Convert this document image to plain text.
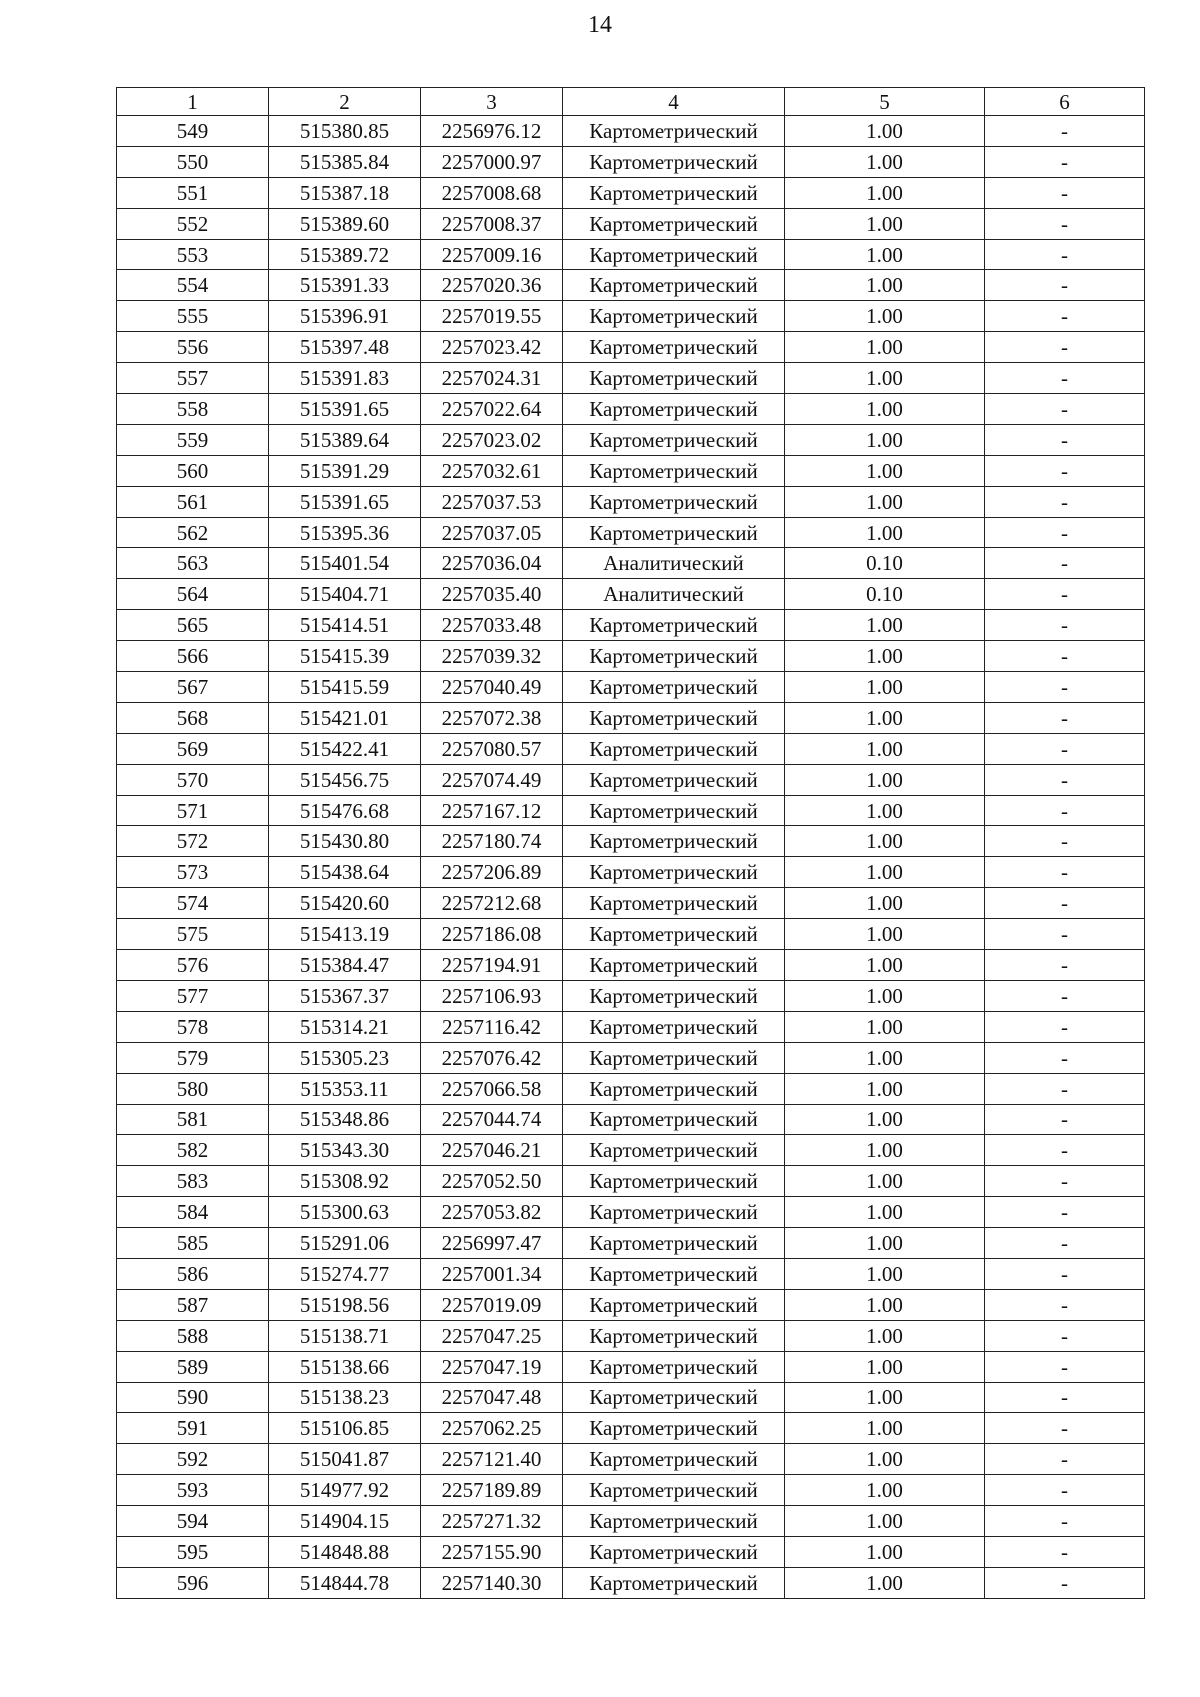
14
1	2	3	4	5	6
549	515380.85	2256976.12	Картометрический	1.00	-
550	515385.84	2257000.97	Картометрический	1.00	-
551	515387.18	2257008.68	Картометрический	1.00	-
552	515389.60	2257008.37	Картометрический	1.00	-
553	515389.72	2257009.16	Картометрический	1.00	-
554	515391.33	2257020.36	Картометрический	1.00	-
555	515396.91	2257019.55	Картометрический	1.00	-
556	515397.48	2257023.42	Картометрический	1.00	-
557	515391.83	2257024.31	Картометрический	1.00	-
558	515391.65	2257022.64	Картометрический	1.00	-
559	515389.64	2257023.02	Картометрический	1.00	-
560	515391.29	2257032.61	Картометрический	1.00	-
561	515391.65	2257037.53	Картометрический	1.00	-
562	515395.36	2257037.05	Картометрический	1.00	-
563	515401.54	2257036.04	Аналитический	0.10	-
564	515404.71	2257035.40	Аналитический	0.10	-
565	515414.51	2257033.48	Картометрический	1.00	-
566	515415.39	2257039.32	Картометрический	1.00	-
567	515415.59	2257040.49	Картометрический	1.00	-
568	515421.01	2257072.38	Картометрический	1.00	-
569	515422.41	2257080.57	Картометрический	1.00	-
570	515456.75	2257074.49	Картометрический	1.00	-
571	515476.68	2257167.12	Картометрический	1.00	-
572	515430.80	2257180.74	Картометрический	1.00	-
573	515438.64	2257206.89	Картометрический	1.00	-
574	515420.60	2257212.68	Картометрический	1.00	-
575	515413.19	2257186.08	Картометрический	1.00	-
576	515384.47	2257194.91	Картометрический	1.00	-
577	515367.37	2257106.93	Картометрический	1.00	-
578	515314.21	2257116.42	Картометрический	1.00	-
579	515305.23	2257076.42	Картометрический	1.00	-
580	515353.11	2257066.58	Картометрический	1.00	-
581	515348.86	2257044.74	Картометрический	1.00	-
582	515343.30	2257046.21	Картометрический	1.00	-
583	515308.92	2257052.50	Картометрический	1.00	-
584	515300.63	2257053.82	Картометрический	1.00	-
585	515291.06	2256997.47	Картометрический	1.00	-
586	515274.77	2257001.34	Картометрический	1.00	-
587	515198.56	2257019.09	Картометрический	1.00	-
588	515138.71	2257047.25	Картометрический	1.00	-
589	515138.66	2257047.19	Картометрический	1.00	-
590	515138.23	2257047.48	Картометрический	1.00	-
591	515106.85	2257062.25	Картометрический	1.00	-
592	515041.87	2257121.40	Картометрический	1.00	-
593	514977.92	2257189.89	Картометрический	1.00	-
594	514904.15	2257271.32	Картометрический	1.00	-
595	514848.88	2257155.90	Картометрический	1.00	-
596	514844.78	2257140.30	Картометрический	1.00	-
